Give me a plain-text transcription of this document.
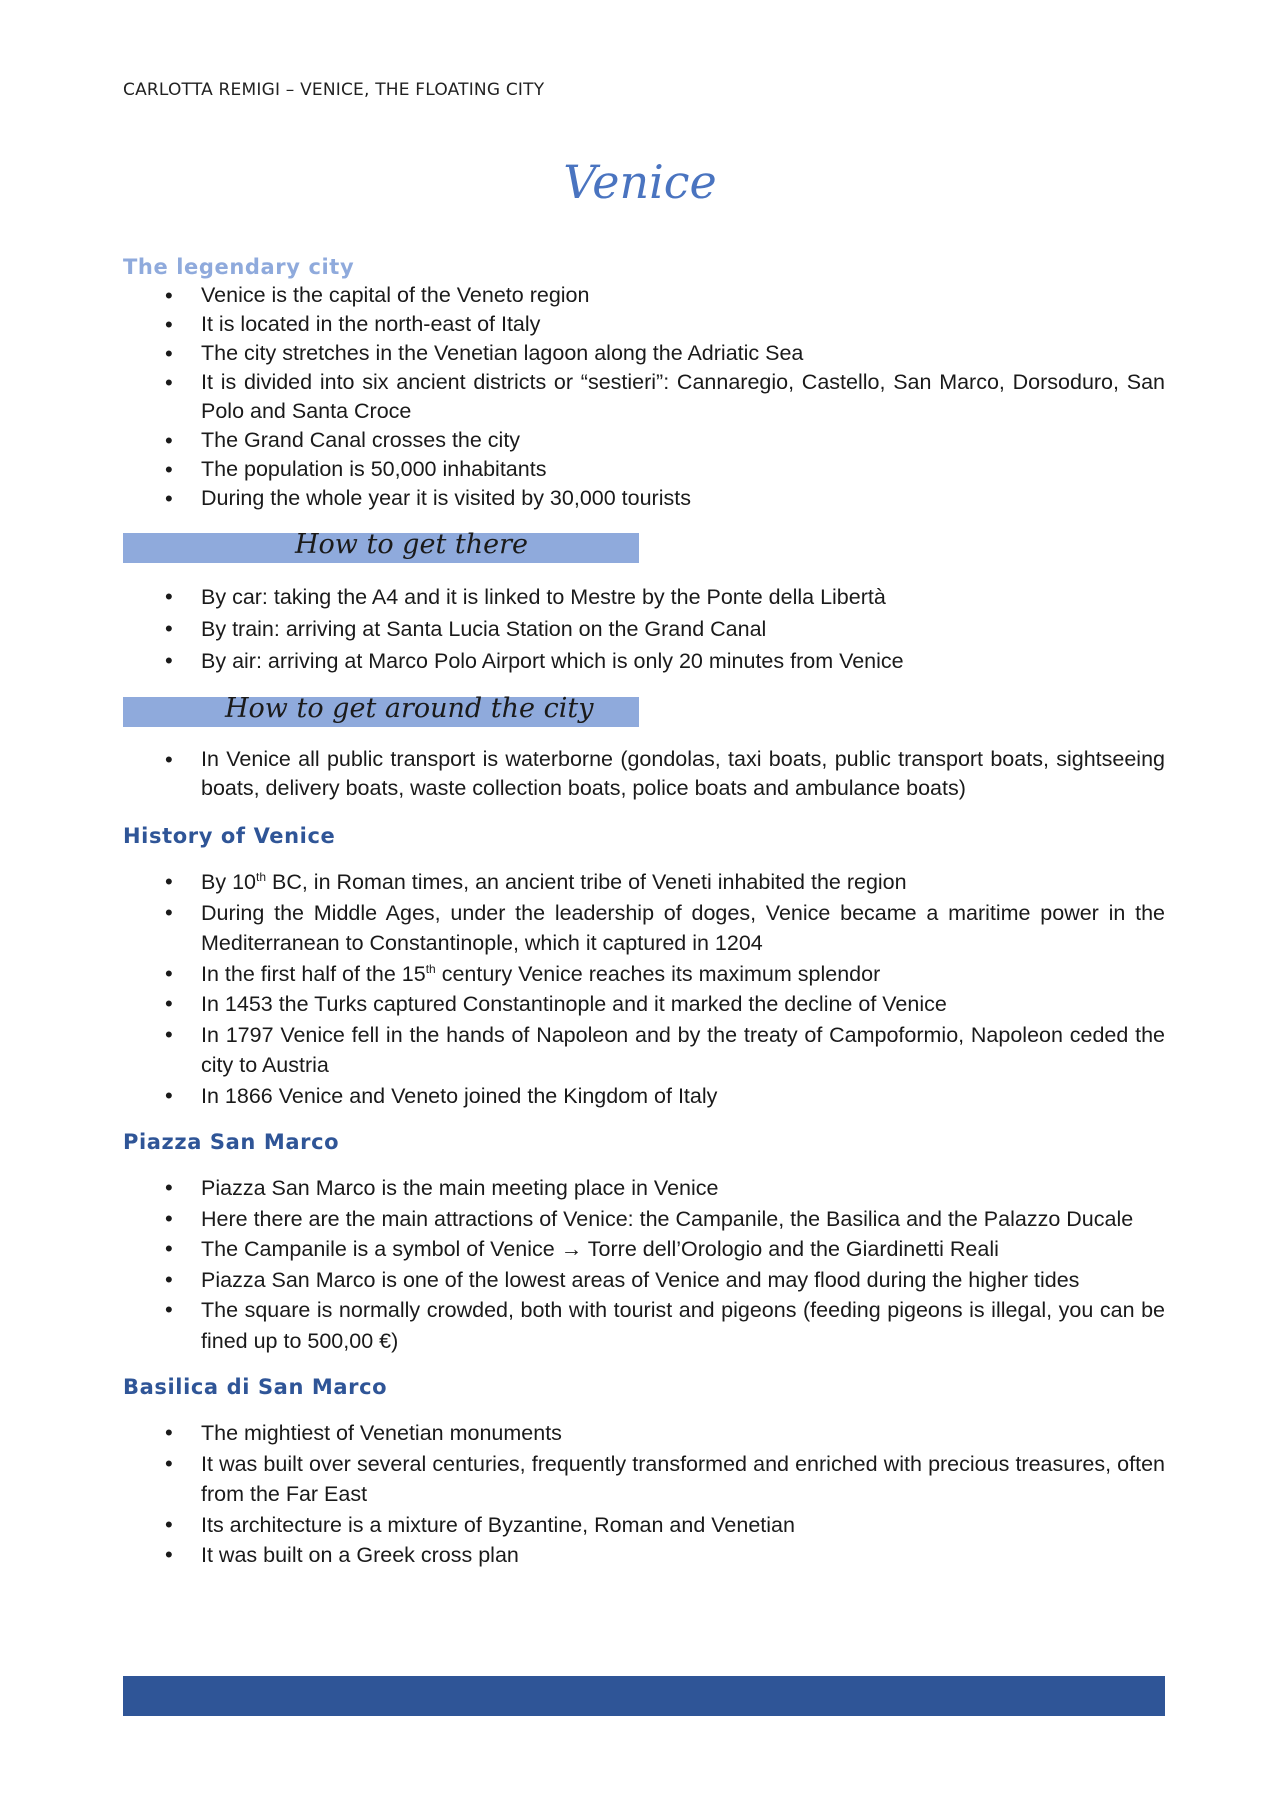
CARLOTTA REMIGI – VENICE, THE FLOATING CITY
Venice
The legendary city
• Venice is the capital of the Veneto region
• It is located in the north-east of Italy
• The city stretches in the Venetian lagoon along the Adriatic Sea
• It is divided into six ancient districts or “sestieri”: Cannaregio, Castello, San Marco, Dorsoduro, San Polo and Santa Croce
• The Grand Canal crosses the city
• The population is 50,000 inhabitants
• During the whole year it is visited by 30,000 tourists
How to get there
• By car: taking the A4 and it is linked to Mestre by the Ponte della Libertà
• By train: arriving at Santa Lucia Station on the Grand Canal
• By air: arriving at Marco Polo Airport which is only 20 minutes from Venice
How to get around the city
• In Venice all public transport is waterborne (gondolas, taxi boats, public transport boats, sightseeing boats, delivery boats, waste collection boats, police boats and ambulance boats)
History of Venice
• By 10th BC, in Roman times, an ancient tribe of Veneti inhabited the region
• During the Middle Ages, under the leadership of doges, Venice became a maritime power in the Mediterranean to Constantinople, which it captured in 1204
• In the first half of the 15th century Venice reaches its maximum splendor
• In 1453 the Turks captured Constantinople and it marked the decline of Venice
• In 1797 Venice fell in the hands of Napoleon and by the treaty of Campoformio, Napoleon ceded the city to Austria
• In 1866 Venice and Veneto joined the Kingdom of Italy
Piazza San Marco
• Piazza San Marco is the main meeting place in Venice
• Here there are the main attractions of Venice: the Campanile, the Basilica and the Palazzo Ducale
• The Campanile is a symbol of Venice → Torre dell’Orologio and the Giardinetti Reali
• Piazza San Marco is one of the lowest areas of Venice and may flood during the higher tides
• The square is normally crowded, both with tourist and pigeons (feeding pigeons is illegal, you can be fined up to 500,00 €)
Basilica di San Marco
• The mightiest of Venetian monuments
• It was built over several centuries, frequently transformed and enriched with precious treasures, often from the Far East
• Its architecture is a mixture of Byzantine, Roman and Venetian
• It was built on a Greek cross plan
